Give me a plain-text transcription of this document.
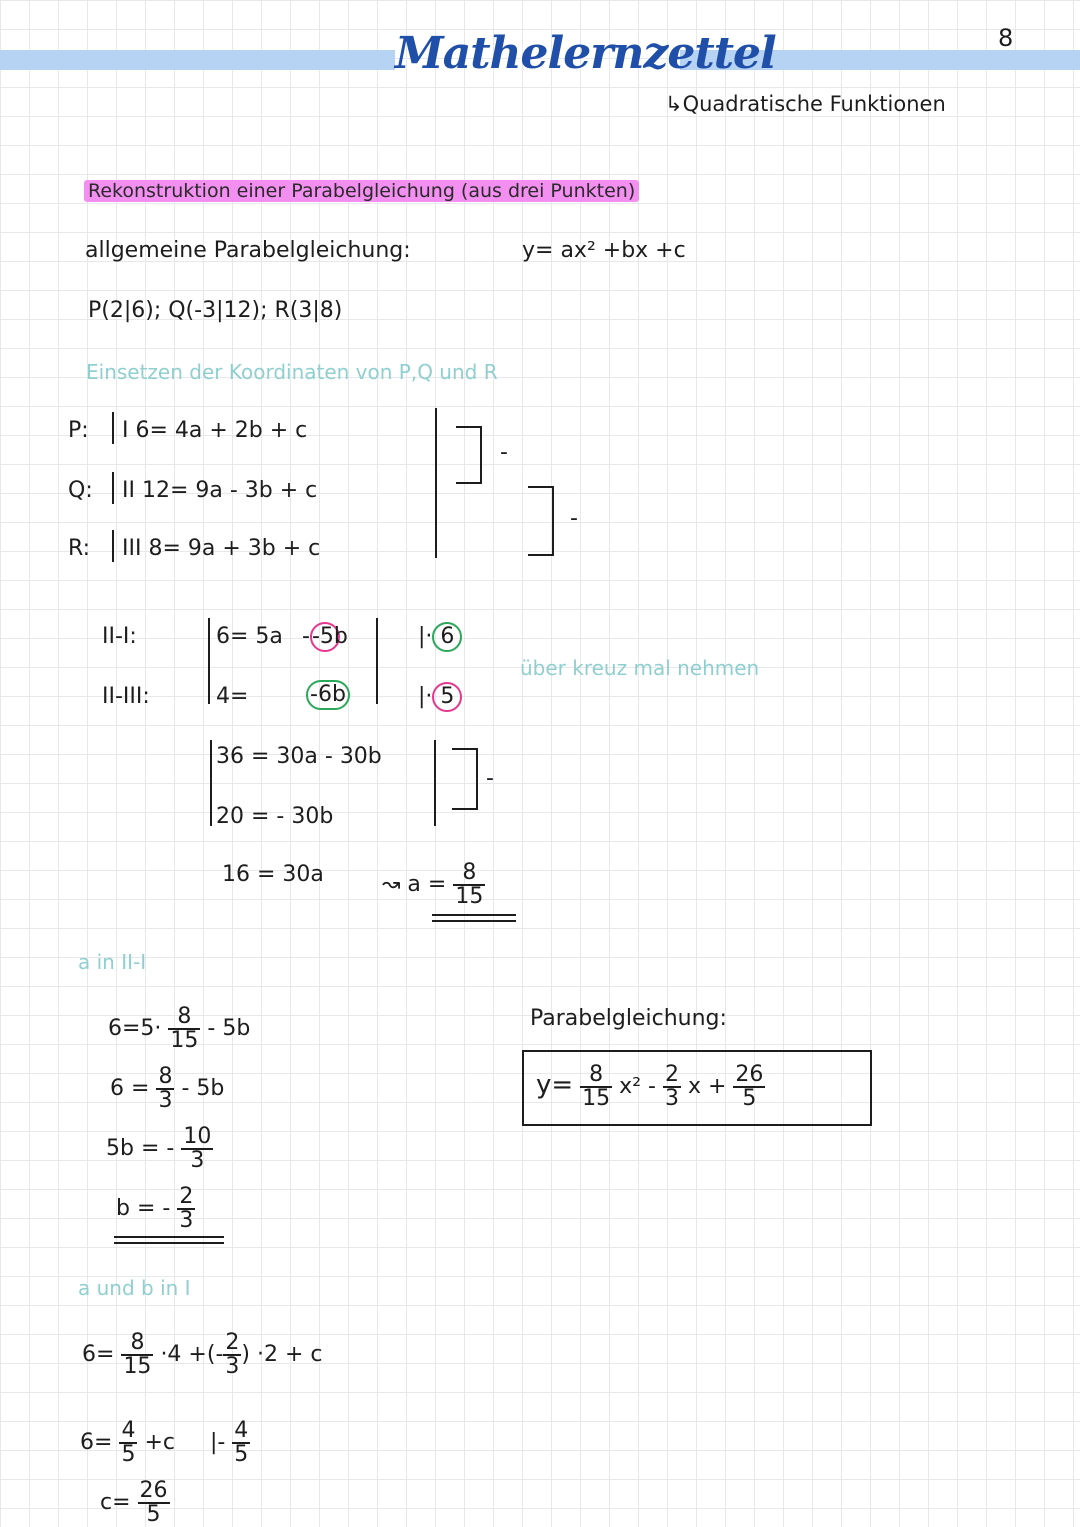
Mathelernzettel	8
↳Quadratische Funktionen
Rekonstruktion einer Parabelgleichung (aus drei Punkten)
allgemeine Parabelgleichung:	y= ax² +bx +c
P(2|6); Q(-3|12); R(3|8)
Einsetzen der Koordinaten von P,Q und R
P: I 6= 4a + 2b + c
Q: II 12= 9a - 3b + c
R: III 8= 9a + 3b + c
-
-
II-I:	6= 5a --5b	|· 6
über kreuz mal nehmen
II-III:	4=	-6b	|· 5
36 = 30a - 30b
20 = - 30b
-
16 = 30a	↝ $a = \frac{8}{15}$
a in II-I
$6=5\cdot \frac{8}{15} - 5b$
$6 = \frac{8}{3} - 5b$
5b = - $\frac{10}{3}$
b = - $\frac{2}{3}$
a und b in I
$6= \frac{8}{15} \cdot 4$ +(- $\frac{2}{3}$ ) ·2 + c
$6= \frac{4}{5} +c$ |- $\frac{4}{5}$
$c= \frac{26}{5}$
Parabelgleichung:
$y= \frac{8}{15} x^2 - \frac{2}{3}$ $x + \frac{26}{5}$
